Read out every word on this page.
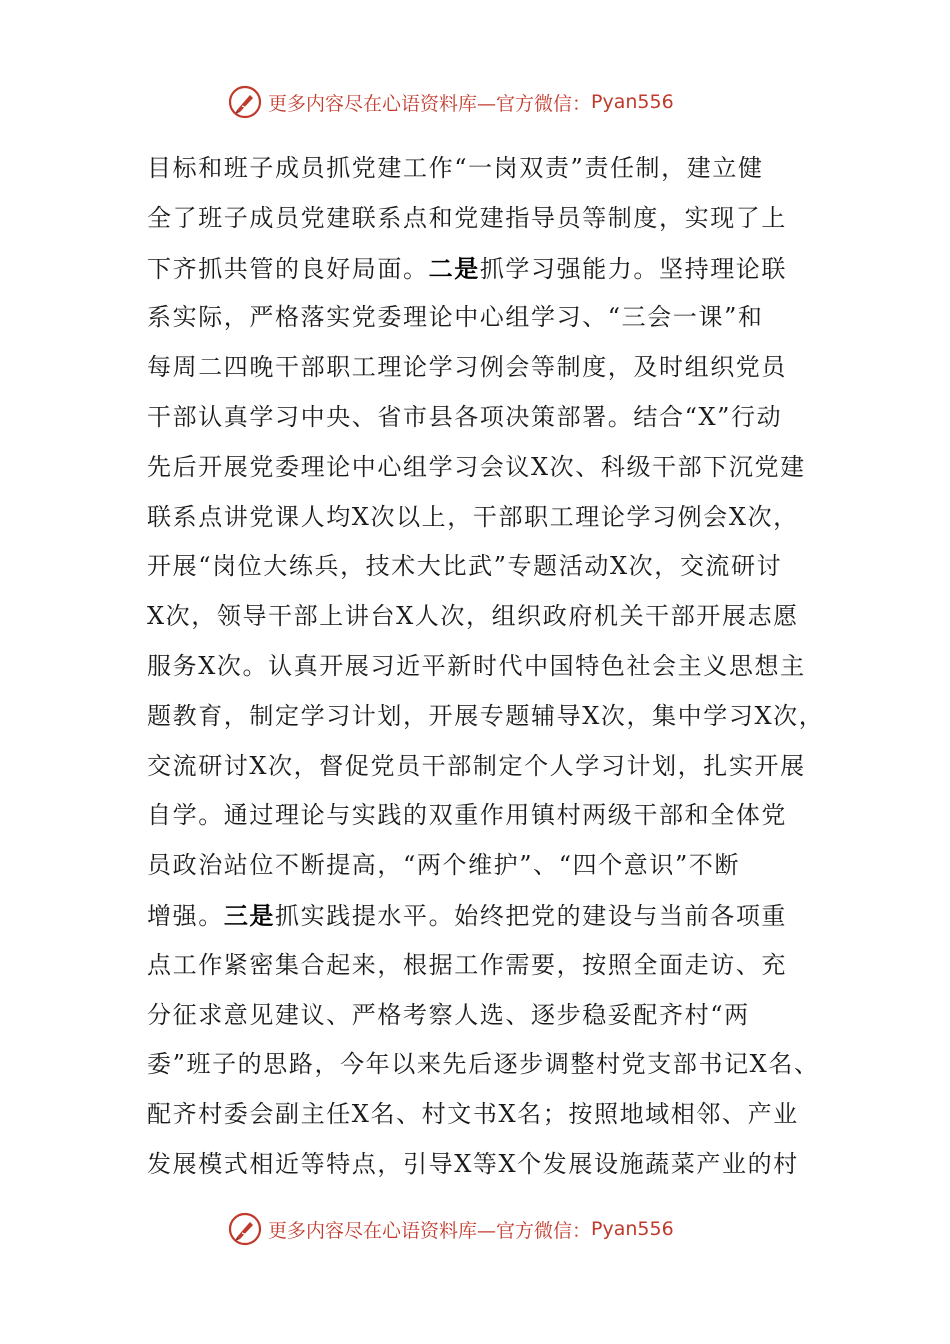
更多内容尽在心语资料库—官方微信： Pyan556
目标和班子成员抓党建工作“一岗双责”责任制，建立健
全了班子成员党建联系点和党建指导员等制度，实现了上
下齐抓共管的良好局面。二是抓学习强能力。坚持理论联
系实际，严格落实党委理论中心组学习、“三会一课”和
每周二四晚干部职工理论学习例会等制度，及时组织党员
干部认真学习中央、省市县各项决策部署。结合“X”行动
先后开展党委理论中心组学习会议X次、科级干部下沉党建
联系点讲党课人均X次以上，干部职工理论学习例会X次，
开展“岗位大练兵，技术大比武”专题活动X次，交流研讨
X次，领导干部上讲台X人次，组织政府机关干部开展志愿
服务X次。认真开展习近平新时代中国特色社会主义思想主
题教育，制定学习计划，开展专题辅导X次，集中学习X次，
交流研讨X次，督促党员干部制定个人学习计划，扎实开展
自学。通过理论与实践的双重作用镇村两级干部和全体党
员政治站位不断提高，“两个维护”、“四个意识”不断
增强。三是抓实践提水平。始终把党的建设与当前各项重
点工作紧密集合起来，根据工作需要，按照全面走访、充
分征求意见建议、严格考察人选、逐步稳妥配齐村“两
委”班子的思路，今年以来先后逐步调整村党支部书记X名、
配齐村委会副主任X名、村文书X名；按照地域相邻、产业
发展模式相近等特点，引导X等X个发展设施蔬菜产业的村
更多内容尽在心语资料库—官方微信： Pyan556
